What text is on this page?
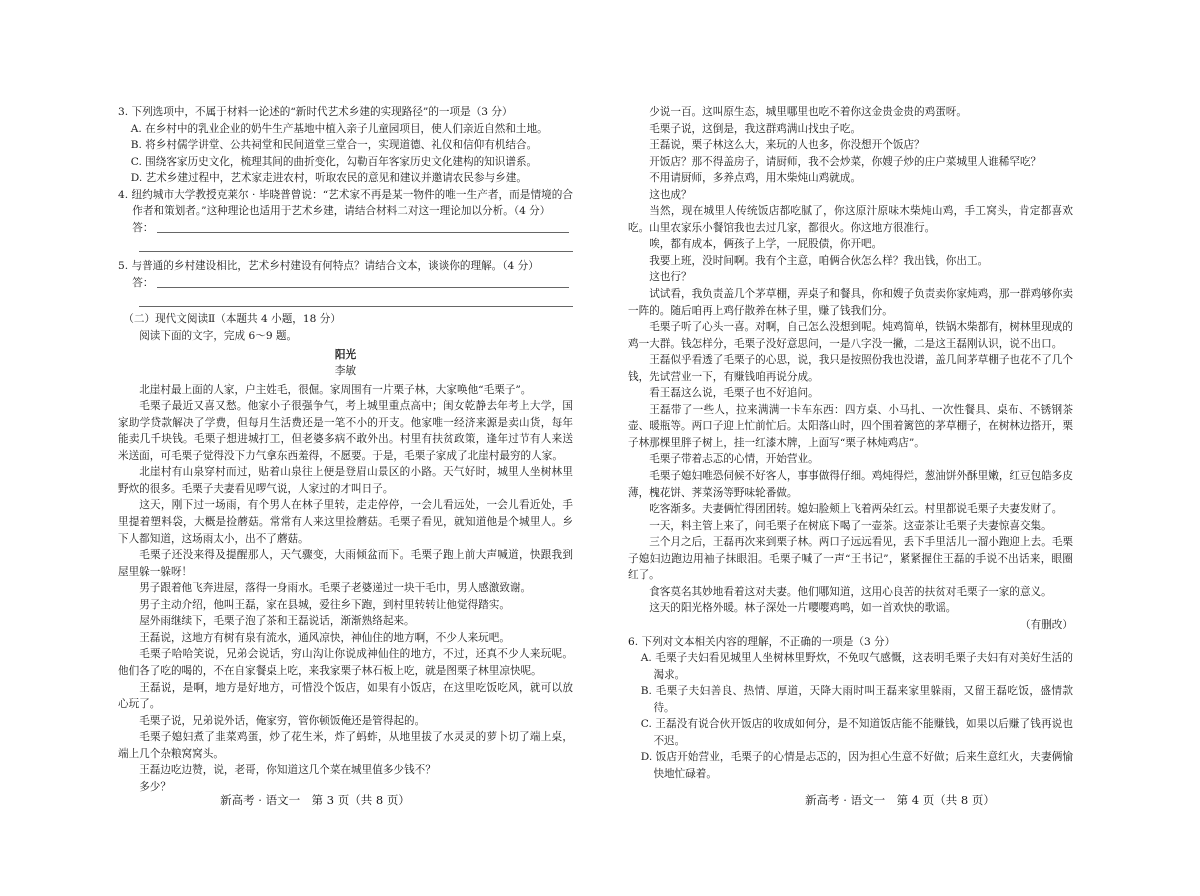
3. 下列选项中，不属于材料一论述的“新时代艺术乡建的实现路径”的一项是（3 分）

A. 在乡村中的乳业企业的奶牛生产基地中植入亲子儿童园项目，使人们亲近自然和土地。

B. 将乡村儒学讲堂、公共祠堂和民间道堂三堂合一，实现道德、礼仪和信仰有机结合。

C. 围绕客家历史文化，梳理其间的曲折变化，勾勒百年客家历史文化建构的知识谱系。

D. 艺术乡建过程中，艺术家走进农村，听取农民的意见和建议并邀请农民参与乡建。

4. 纽约城市大学教授克莱尔 · 毕晓普曾说：“艺术家不再是某一物件的唯一生产者，而是情境的合作者和策划者。”这种理论也适用于艺术乡建，请结合材料二对这一理论加以分析。（4 分）

答：

5. 与普通的乡村建设相比，艺术乡村建设有何特点？请结合文本，谈谈你的理解。（4 分）

答：

（二）现代文阅读Ⅱ（本题共 4 小题，18 分）

阅读下面的文字，完成 6～9 题。

阳光

李敏

北崖村最上面的人家，户主姓毛，很倔。家周围有一片栗子林，大家唤他“毛栗子”。

毛栗子最近又喜又愁。他家小子很强争气，考上城里重点高中；闺女乾静去年考上大学，国家助学贷款解决了学费，但每月生活费还是一笔不小的开支。他家唯一经济来源是卖山货，每年能卖几千块钱。毛栗子想进城打工，但老婆多病不敢外出。村里有扶贫政策，逢年过节有人来送米送面，可毛栗子觉得没下力气拿东西羞得，不愿要。于是，毛栗子家成了北崖村最穷的人家。

北崖村有山泉穿村而过，贴着山泉往上便是登眉山景区的小路。天气好时，城里人坐树林里野炊的很多。毛栗子夫妻看见啰气说，人家过的才叫日子。

这天，刚下过一场雨，有个男人在林子里转，走走停停，一会儿看远处，一会儿看近处，手里提着塑料袋，大概是捡蘑菇。常常有人来这里捡蘑菇。毛栗子看见，就知道他是个城里人。乡下人都知道，这场雨太小，出不了蘑菇。

毛栗子还没来得及提醒那人，天气骤变，大雨倾盆而下。毛栗子跑上前大声喊道，快跟我到屋里躲一躲呀！

男子跟着他飞奔进屋，落得一身雨水。毛栗子老婆递过一块干毛巾，男人感激致谢。

男子主动介绍，他叫王磊，家在县城，爱往乡下跑，到村里转转让他觉得踏实。

屋外雨继续下，毛栗子泡了茶和王磊说话，渐渐熟络起来。

王磊说，这地方有树有泉有流水，通风凉快，神仙住的地方啊，不少人来玩吧。

毛栗子哈哈笑说，兄弟会说话，穷山沟让你说成神仙住的地方，不过，还真不少人来玩呢。他们各了吃的喝的，不在自家餐桌上吃，来我家栗子林石板上吃，就是图栗子林里凉快呢。

王磊说，是啊，地方是好地方，可惜没个饭店，如果有小饭店，在这里吃饭吃风，就可以放心玩了。

毛栗子说，兄弟说外话，俺家穷，管你顿饭俺还是管得起的。

毛栗子媳妇煮了韭菜鸡蛋，炒了花生米，炸了蚂蚱，从地里拔了水灵灵的萝卜切了端上桌，端上几个杂粮窝窝头。

王磊边吃边赞，说，老哥，你知道这几个菜在城里值多少钱不？

多少？

新高考 · 语文一　第 3 页（共 8 页）

少说一百。这叫原生态，城里哪里也吃不着你这金贵金贵的鸡蛋呀。

毛栗子说，这倒是，我这群鸡满山找虫子吃。

王磊说，栗子林这么大，来玩的人也多，你没想开个饭店？

开饭店？那不得盖房子，请厨师，我不会炒菜，你嫂子炒的庄户菜城里人谁稀罕吃？

不用请厨师，多养点鸡，用木柴炖山鸡就成。

这也成？

当然，现在城里人传统饭店都吃腻了，你这原汁原味木柴炖山鸡，手工窝头，肯定都喜欢吃。山里农家乐小餐馆我也去过几家，都很火。你这地方很准行。

唉，都有成本，俩孩子上学，一屁股债，你开吧。

我要上班，没时间啊。我有个主意，咱俩合伙怎么样？我出钱，你出工。

这也行？

试试看，我负责盖几个茅草棚，弄桌子和餐具，你和嫂子负责卖你家炖鸡，那一群鸡够你卖一阵的。随后咱再上鸡仔散养在林子里，赚了钱我们分。

毛栗子听了心头一喜。对啊，自己怎么没想到呢。炖鸡简单，铁锅木柴都有，树林里现成的鸡一大群。钱怎样分，毛栗子没好意思问，一是八字没一撇，二是这王磊刚认识，说不出口。

王磊似乎看透了毛栗子的心思，说，我只是按照份我也没谱，盖几间茅草棚子也花不了几个钱，先试营业一下，有赚钱咱再说分成。

看王磊这么说，毛栗子也不好追问。

王磊带了一些人，拉来满满一卡车东西：四方桌、小马扎、一次性餐具、桌布、不锈钢茶壶、暖瓶等。两口子迎上忙前忙后。太阳落山时，四个围着篱笆的茅草棚子，在树林边搭开，栗子林那棵里胖子树上，挂一红漆木牌，上面写“栗子林炖鸡店”。

毛栗子带着忐忑的心情，开始营业。

毛栗子媳妇唯恐伺候不好客人，事事做得仔细。鸡炖得烂，葱油饼外酥里嫩，红豆包皓多皮薄，槐花饼、荠菜汤等野味轮番做。

吃客渐多。夫妻俩忙得团团转。媳妇脸颊上飞着两朵红云。村里都说毛栗子夫妻发财了。

一天，料主管上来了，问毛栗子在树底下喝了一壶茶。这壶茶让毛栗子夫妻惊喜交集。

三个月之后，王磊再次来到栗子林。两口子远远看见，丢下手里活儿一溜小跑迎上去。毛栗子媳妇边跑边用袖子抹眼泪。毛栗子喊了一声“王书记”，紧紧握住王磊的手说不出话来，眼圈红了。

食客莫名其妙地看着这对夫妻。他们哪知道，这用心良苦的扶贫对毛栗子一家的意义。

这天的阳光格外暖。林子深处一片嘤嘤鸡鸣，如一首欢快的歌谣。

（有删改）

6. 下列对文本相关内容的理解，不正确的一项是（3 分）

A. 毛栗子夫妇看见城里人坐树林里野炊，不免叹气感慨，这表明毛栗子夫妇有对美好生活的渴求。

B. 毛栗子夫妇善良、热情、厚道，天降大雨时叫王磊来家里躲雨，又留王磊吃饭，盛情款待。

C. 王磊没有说合伙开饭店的收成如何分，是不知道饭店能不能赚钱，如果以后赚了钱再说也不迟。

D. 饭店开始营业，毛栗子的心情是忐忑的，因为担心生意不好做；后来生意红火，夫妻俩愉快地忙碌着。

新高考 · 语文一　第 4 页（共 8 页）
